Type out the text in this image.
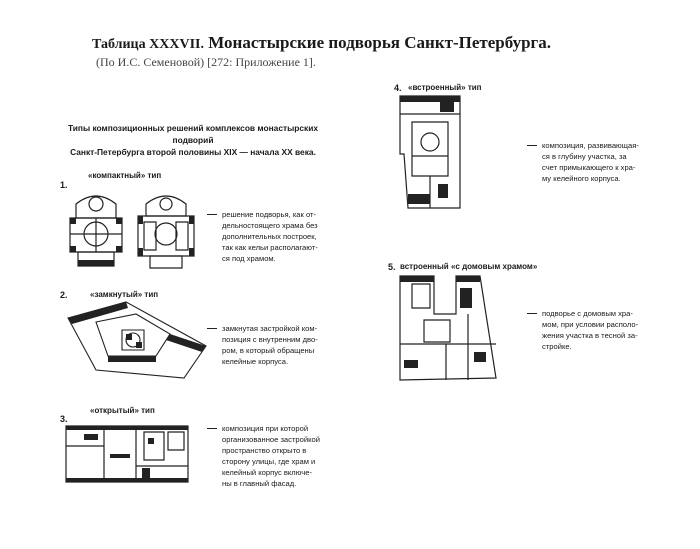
Таблица XXXVII. Монастырские подворья Санкт-Петербурга.
(По И.С. Семеновой) [272: Приложение 1].
Типы композиционных решений комплексов монастырских подворий
Санкт-Петербурга второй половины XIX — начала XX века.
«компактный» тип
1.
решение подворья, как от-
дельностоящего храма без
дополнительных построек,
так как кельи располагают-
ся под храмом.
2.	«замкнутый» тип
замкнутая застройкой ком-
позиция с внутренним дво-
ром, в который обращены
келейные корпуса.
«открытый» тип
3.
композиция при которой
организованное застройкой
пространство открыто в
сторону улицы, где храм и
келейный корпус включе-
ны в главный фасад.
4. «встроенный» тип
композиция, развивающая-
ся в глубину участка, за
счет примыкающего к хра-
му келейного корпуса.
5. встроенный «с домовым храмом»
подворье с домовым хра-
мом, при условии располо-
жения участка в тесной за-
стройке.
